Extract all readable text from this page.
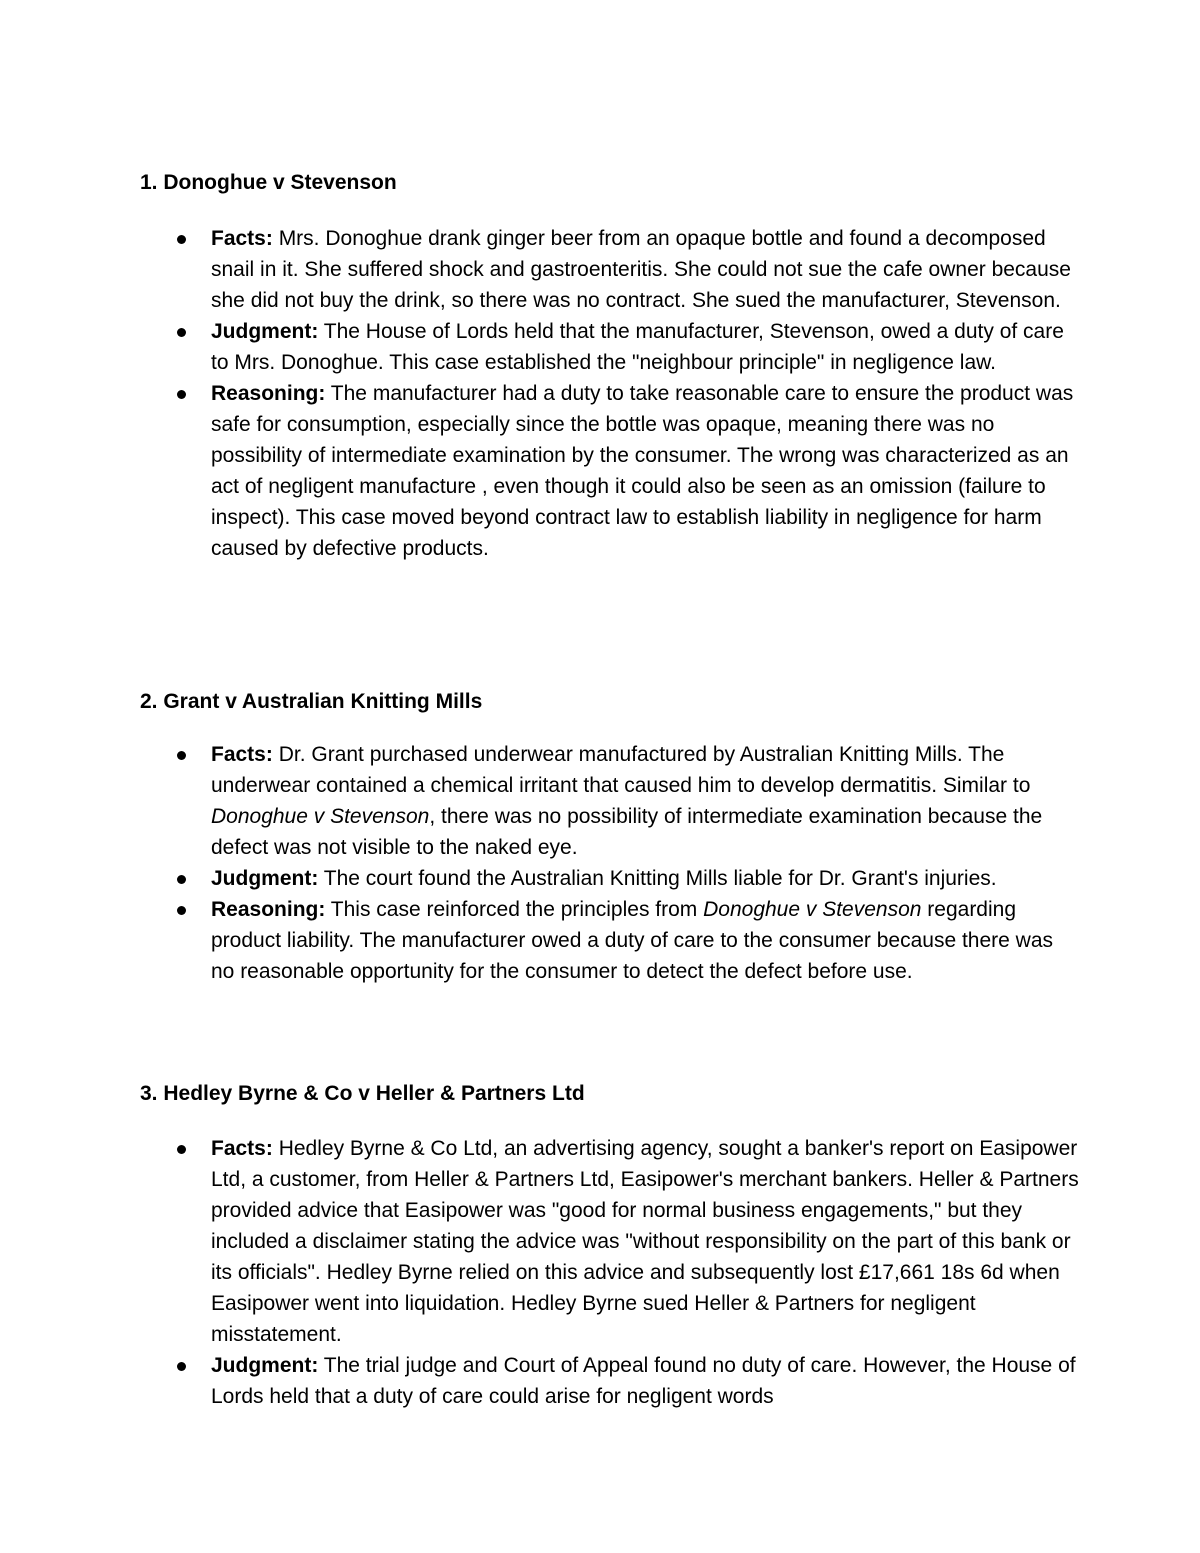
1. Donoghue v Stevenson
Facts: Mrs. Donoghue drank ginger beer from an opaque bottle and found a decomposed snail in it. She suffered shock and gastroenteritis. She could not sue the cafe owner because she did not buy the drink, so there was no contract. She sued the manufacturer, Stevenson.
Judgment: The House of Lords held that the manufacturer, Stevenson, owed a duty of care to Mrs. Donoghue. This case established the "neighbour principle" in negligence law.
Reasoning: The manufacturer had a duty to take reasonable care to ensure the product was safe for consumption, especially since the bottle was opaque, meaning there was no possibility of intermediate examination by the consumer. The wrong was characterized as an act of negligent manufacture , even though it could also be seen as an omission (failure to inspect). This case moved beyond contract law to establish liability in negligence for harm caused by defective products.
2. Grant v Australian Knitting Mills
Facts: Dr. Grant purchased underwear manufactured by Australian Knitting Mills. The underwear contained a chemical irritant that caused him to develop dermatitis. Similar to Donoghue v Stevenson, there was no possibility of intermediate examination because the defect was not visible to the naked eye.
Judgment: The court found the Australian Knitting Mills liable for Dr. Grant's injuries.
Reasoning: This case reinforced the principles from Donoghue v Stevenson regarding product liability. The manufacturer owed a duty of care to the consumer because there was no reasonable opportunity for the consumer to detect the defect before use.
3. Hedley Byrne & Co v Heller & Partners Ltd
Facts: Hedley Byrne & Co Ltd, an advertising agency, sought a banker's report on Easipower Ltd, a customer, from Heller & Partners Ltd, Easipower's merchant bankers. Heller & Partners provided advice that Easipower was "good for normal business engagements," but they included a disclaimer stating the advice was "without responsibility on the part of this bank or its officials". Hedley Byrne relied on this advice and subsequently lost £17,661 18s 6d when Easipower went into liquidation. Hedley Byrne sued Heller & Partners for negligent misstatement.
Judgment: The trial judge and Court of Appeal found no duty of care. However, the House of Lords held that a duty of care could arise for negligent words
